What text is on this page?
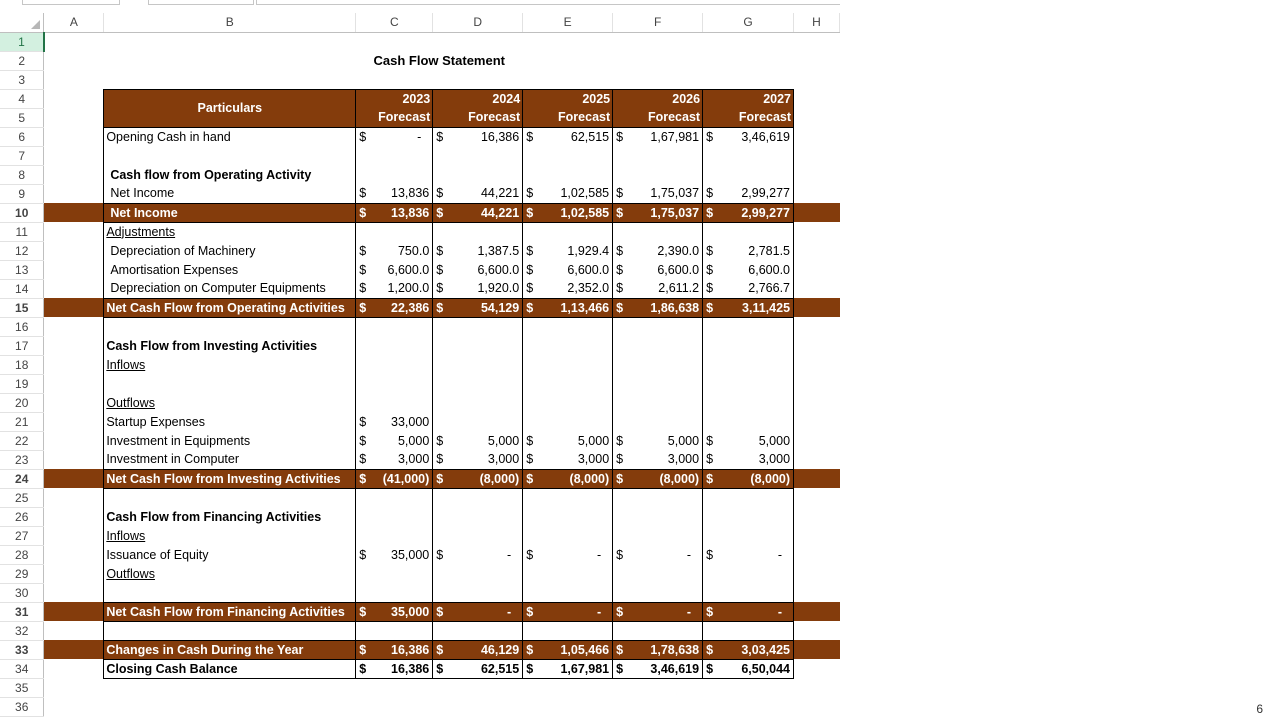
	A	B	C	D	E	F	G	H
1								
2			Cash Flow Statement					
3								
4		Particulars	2023	2024	2025	2026	2027	
5			Forecast	Forecast	Forecast	Forecast	Forecast	
6		Opening Cash in hand	$ -	$ 16,386	$ 62,515	$ 1,67,981	$ 3,46,619	

7								
8		Cash flow from Operating Activity						
9		Net Income	$ 13,836	$ 44,221	$ 1,02,585	$ 1,75,037	$ 2,99,277	

10		Net Income	$ 13,836	$ 44,221	$ 1,02,585	$ 1,75,037	$ 2,99,277	

11		Adjustments						
12		Depreciation of Machinery	$ 750.0	$ 1,387.5	$ 1,929.4	$ 2,390.0	$ 2,781.5	

13		Amortisation Expenses	$ 6,600.0	$ 6,600.0	$ 6,600.0	$ 6,600.0	$ 6,600.0	

14		Depreciation on Computer Equipments	$ 1,200.0	$ 1,920.0	$ 2,352.0	$ 2,611.2	$ 2,766.7	

15		Net Cash Flow from Operating Activities	$ 22,386	$ 54,129	$ 1,13,466	$ 1,86,638	$ 3,11,425	

16								
17		Cash Flow from Investing Activities						
18		Inflows						
19								
20		Outflows						
21		Startup Expenses	$ 33,000					

22		Investment in Equipments	$ 5,000	$ 5,000	$ 5,000	$ 5,000	$ 5,000	

23		Investment in Computer	$ 3,000	$ 3,000	$ 3,000	$ 3,000	$ 3,000	

24		Net Cash Flow from Investing Activities	$ (41,000)	$ (8,000)	$ (8,000)	$ (8,000)	$ (8,000)	

25								
26		Cash Flow from Financing Activities						
27		Inflows						
28		Issuance of Equity	$ 35,000	$ -	$ -	$ -	$ -	

29		Outflows						
30								
31		Net Cash Flow from Financing Activities	$ 35,000	$ -	$ -	$ -	$ -	

32								
33		Changes in Cash During the Year	$ 16,386	$ 46,129	$ 1,05,466	$ 1,78,638	$ 3,03,425	

34		Closing Cash Balance	$ 16,386	$ 62,515	$ 1,67,981	$ 3,46,619	$ 6,50,044	

35								
36									6
